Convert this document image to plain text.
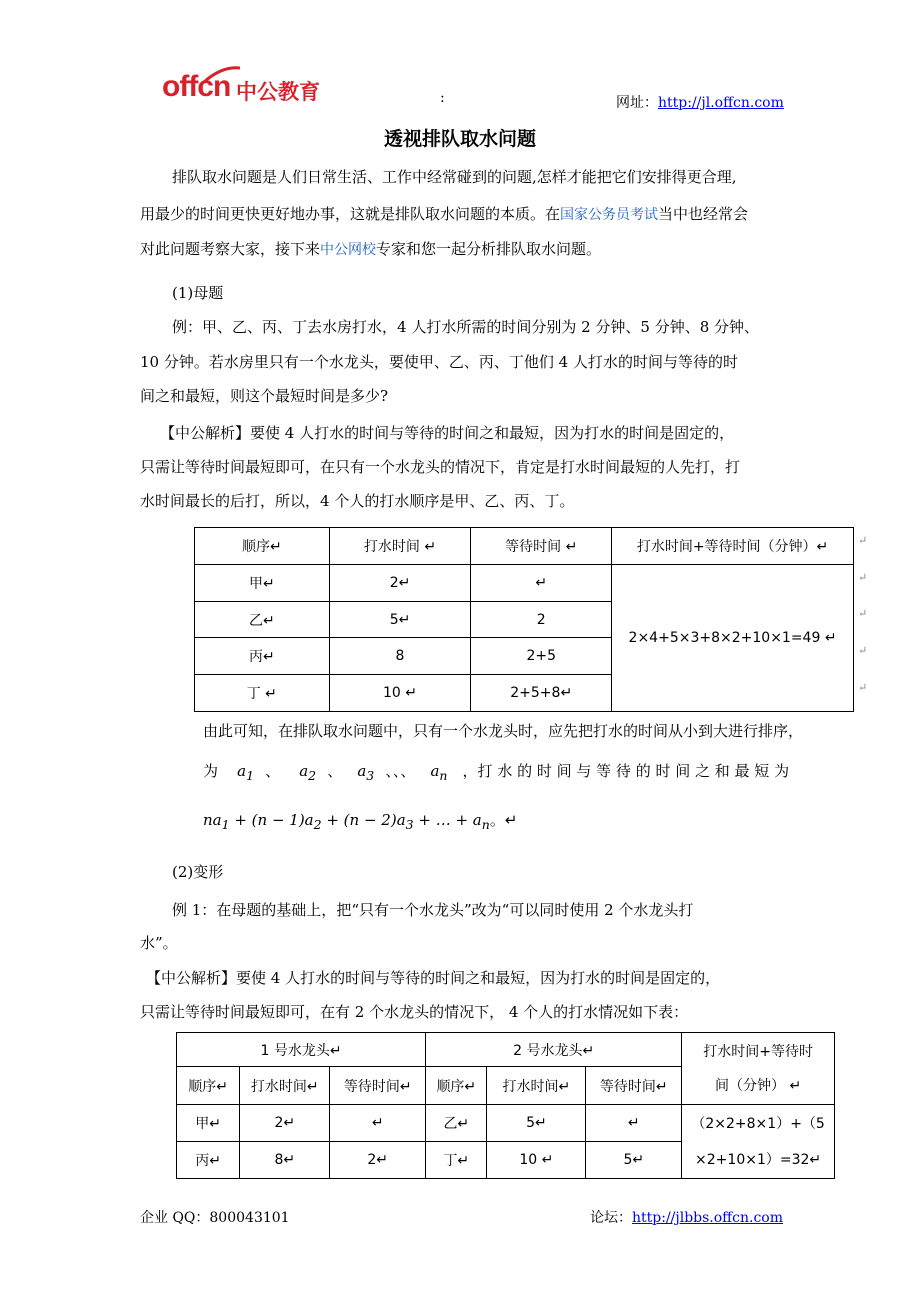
offcn 中公教育	:	网址：http://jl.offcn.com
透视排队取水问题
排队取水问题是人们日常生活、工作中经常碰到的问题,怎样才能把它们安排得更合理,
用最少的时间更快更好地办事，这就是排队取水问题的本质。在国家公务员考试当中也经常会
对此问题考察大家，接下来中公网校专家和您一起分析排队取水问题。
(1)母题
例：甲、乙、丙、丁去水房打水，4 人打水所需的时间分别为 2 分钟、5 分钟、8 分钟、
10 分钟。若水房里只有一个水龙头，要使甲、乙、丙、丁他们 4 人打水的时间与等待的时
间之和最短，则这个最短时间是多少?
【中公解析】要使 4 人打水的时间与等待的时间之和最短，因为打水的时间是固定的，
只需让等待时间最短即可，在只有一个水龙头的情况下，肯定是打水时间最短的人先打，打
水时间最长的后打，所以，4 个人的打水顺序是甲、乙、丙、丁。
顺序↵	打水时间 ↵	等待时间 ↵	打水时间+等待时间（分钟）↵
甲↵	2↵	↵	2×4+5×3+8×2+10×1=49 ↵
乙↵	5↵	2	
丙↵	8	2+5	
丁 ↵	10 ↵	2+5+8↵	
↵
↵
↵
↵
↵
由此可知，在排队取水问题中，只有一个水龙头时，应先把打水的时间从小到大进行排序，
为 $a_1$ 、 $a_2$ 、 $a_3$ 、、、 $a_n$ ，打 水 的 时 间 与 等 待 的 时 间 之 和 最 短 为
$na_1 + (n - 1)a_2 + (n - 2)a_3$ + … + $a_n$。↵
(2)变形
例 1：在母题的基础上，把“只有一个水龙头”改为“可以同时使用 2 个水龙头打
水”。
【中公解析】要使 4 人打水的时间与等待的时间之和最短，因为打水的时间是固定的，
只需让等待时间最短即可，在有 2 个水龙头的情况下， 4 个人的打水情况如下表：
1 号水龙头↵			2 号水龙头↵			打水时间+等待时
间（分钟） ↵

顺序↵	打水时间↵	等待时间↵	顺序↵	打水时间↵	等待时间↵	
甲↵	2↵	↵	乙↵	5↵	↵	（2×2+8×1）+（5
×2+10×1）=32↵

丙↵	8↵	2↵	丁↵	10 ↵	5↵	
企业 QQ：800043101	论坛：http://jlbbs.offcn.com
